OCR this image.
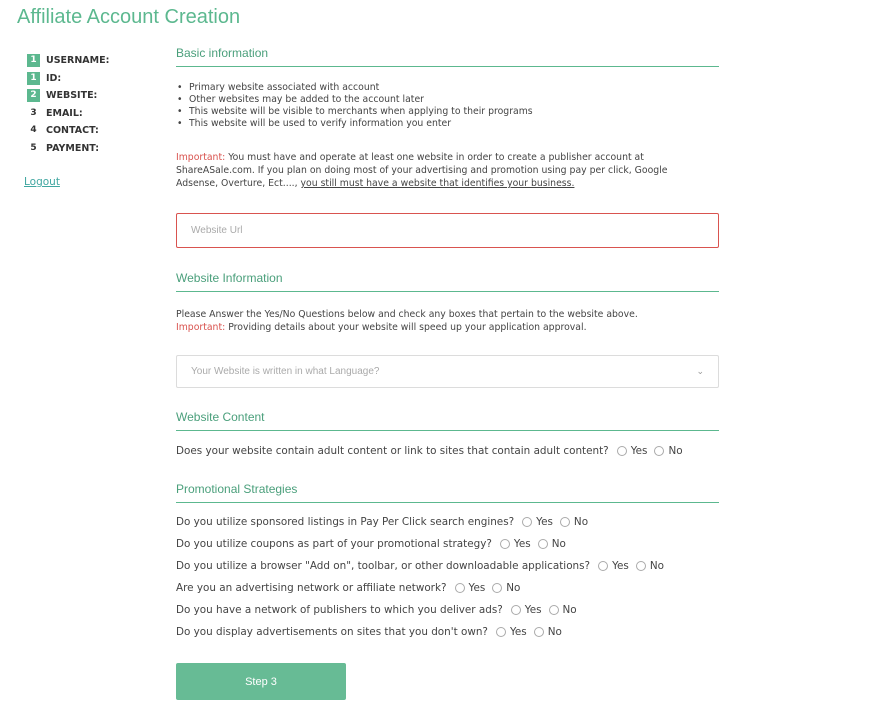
Affiliate Account Creation
1 USERNAME:
1 ID:
2 WEBSITE:
3 EMAIL:
4 CONTACT:
5 PAYMENT:
Logout
Basic information
• Primary website associated with account
• Other websites may be added to the account later
• This website will be visible to merchants when applying to their programs
• This website will be used to verify information you enter

Important: You must have and operate at least one website in order to create a publisher account at ShareASale.com. If you plan on doing most of your advertising and promotion using pay per click, Google Adsense, Overture, Ect...., you still must have a website that identifies your business.

Website Url
Website Information

Please Answer the Yes/No Questions below and check any boxes that pertain to the website above.
Important: Providing details about your website will speed up your application approval.

Your Website is written in what Language?	⌄
Website Content
Does your website contain adult content or link to sites that contain adult content? Yes No
Promotional Strategies
Do you utilize sponsored listings in Pay Per Click search engines? Yes No
Do you utilize coupons as part of your promotional strategy? Yes No
Do you utilize a browser "Add on", toolbar, or other downloadable applications? Yes No
Are you an advertising network or affiliate network? Yes No
Do you have a network of publishers to which you deliver ads? Yes No
Do you display advertisements on sites that you don't own? Yes No
Step 3
